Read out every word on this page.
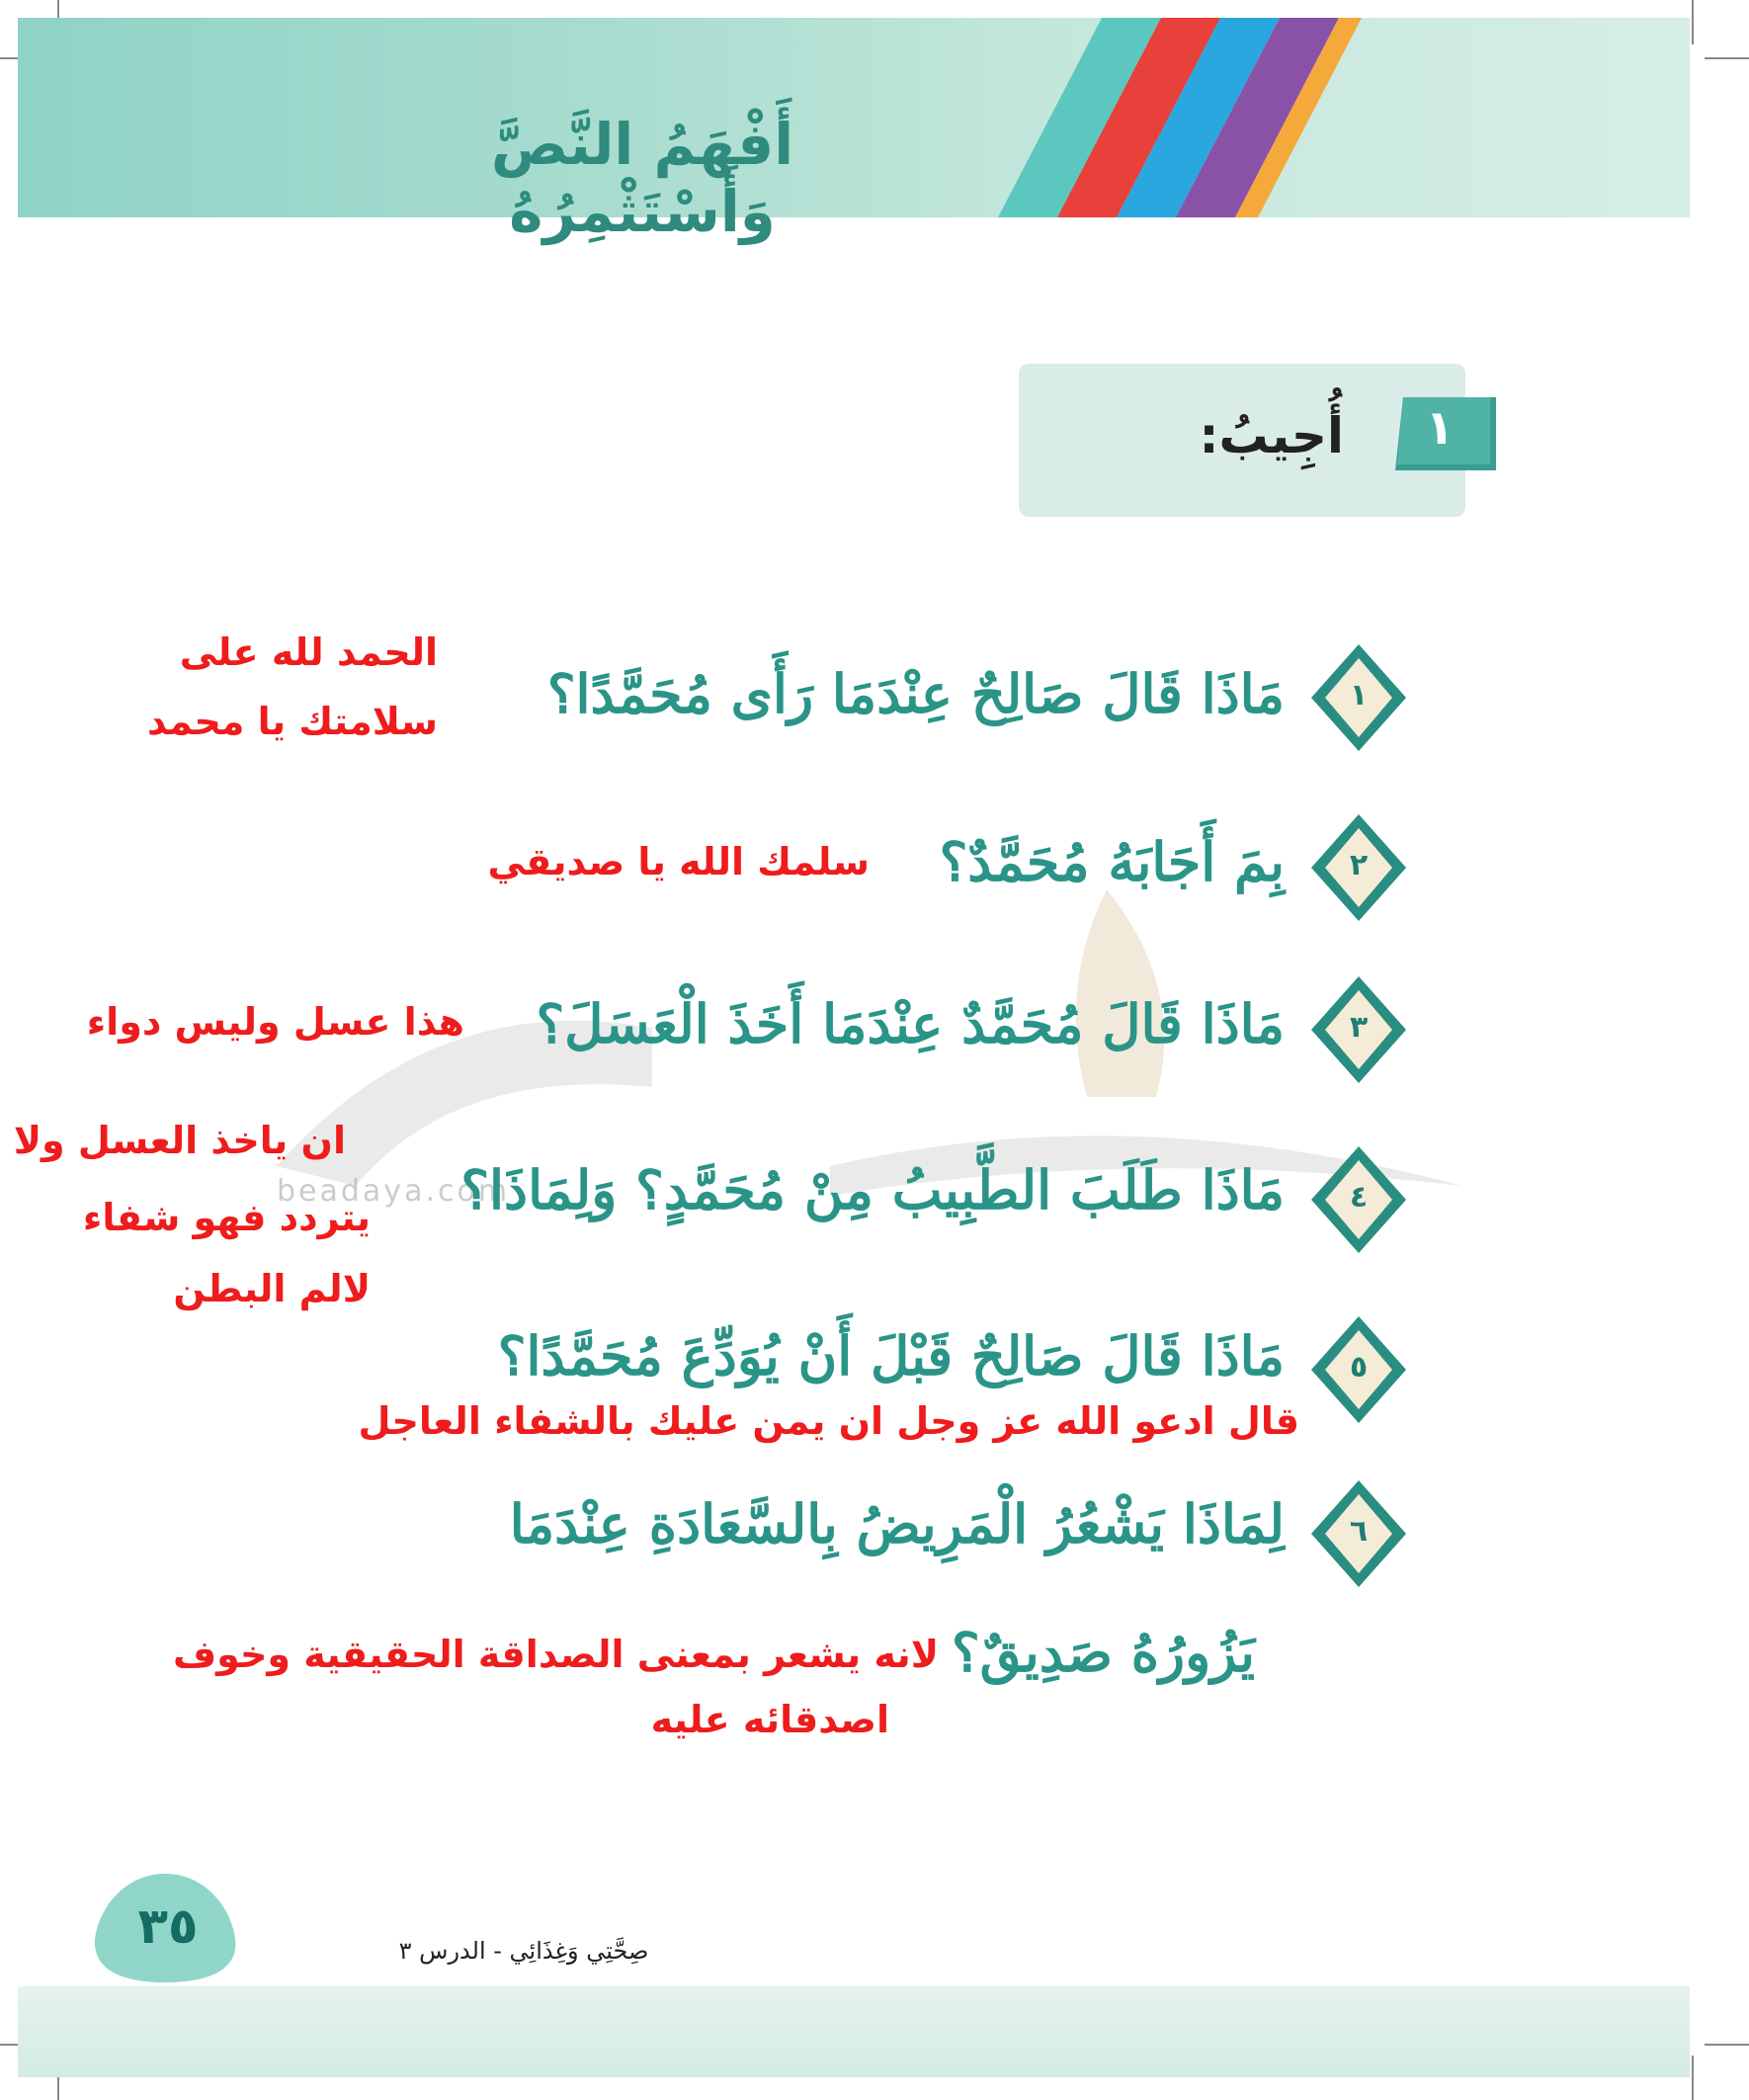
أَفْهَمُ النَّصَّ وَأَسْتَثْمِرُهُ
١
أُجِيبُ:
beadaya.com
١
٢
٣
٤
٥
٦
مَاذَا قَالَ صَالِحٌ عِنْدَمَا رَأَى مُحَمَّدًا؟
بِمَ أَجَابَهُ مُحَمَّدٌ؟
مَاذَا قَالَ مُحَمَّدٌ عِنْدَمَا أَخَذَ الْعَسَلَ؟
مَاذَا طَلَبَ الطَّبِيبُ مِنْ مُحَمَّدٍ؟ وَلِمَاذَا؟
مَاذَا قَالَ صَالِحٌ قَبْلَ أَنْ يُوَدِّعَ مُحَمَّدًا؟
لِمَاذَا يَشْعُرُ الْمَرِيضُ بِالسَّعَادَةِ عِنْدَمَا
يَزُورُهُ صَدِيقٌ؟
الحمد لله على
سلامتك يا محمد
سلمك الله يا صديقي
هذا عسل وليس دواء
ان ياخذ العسل ولا
يتردد فهو شفاء
لالم البطن
قال ادعو الله عز وجل ان يمن عليك بالشفاء العاجل
لانه يشعر بمعنى الصداقة الحقيقية وخوف
اصدقائه عليه
٣٥	صِحَّتِي وَغِذَائِي - الدرس ٣
